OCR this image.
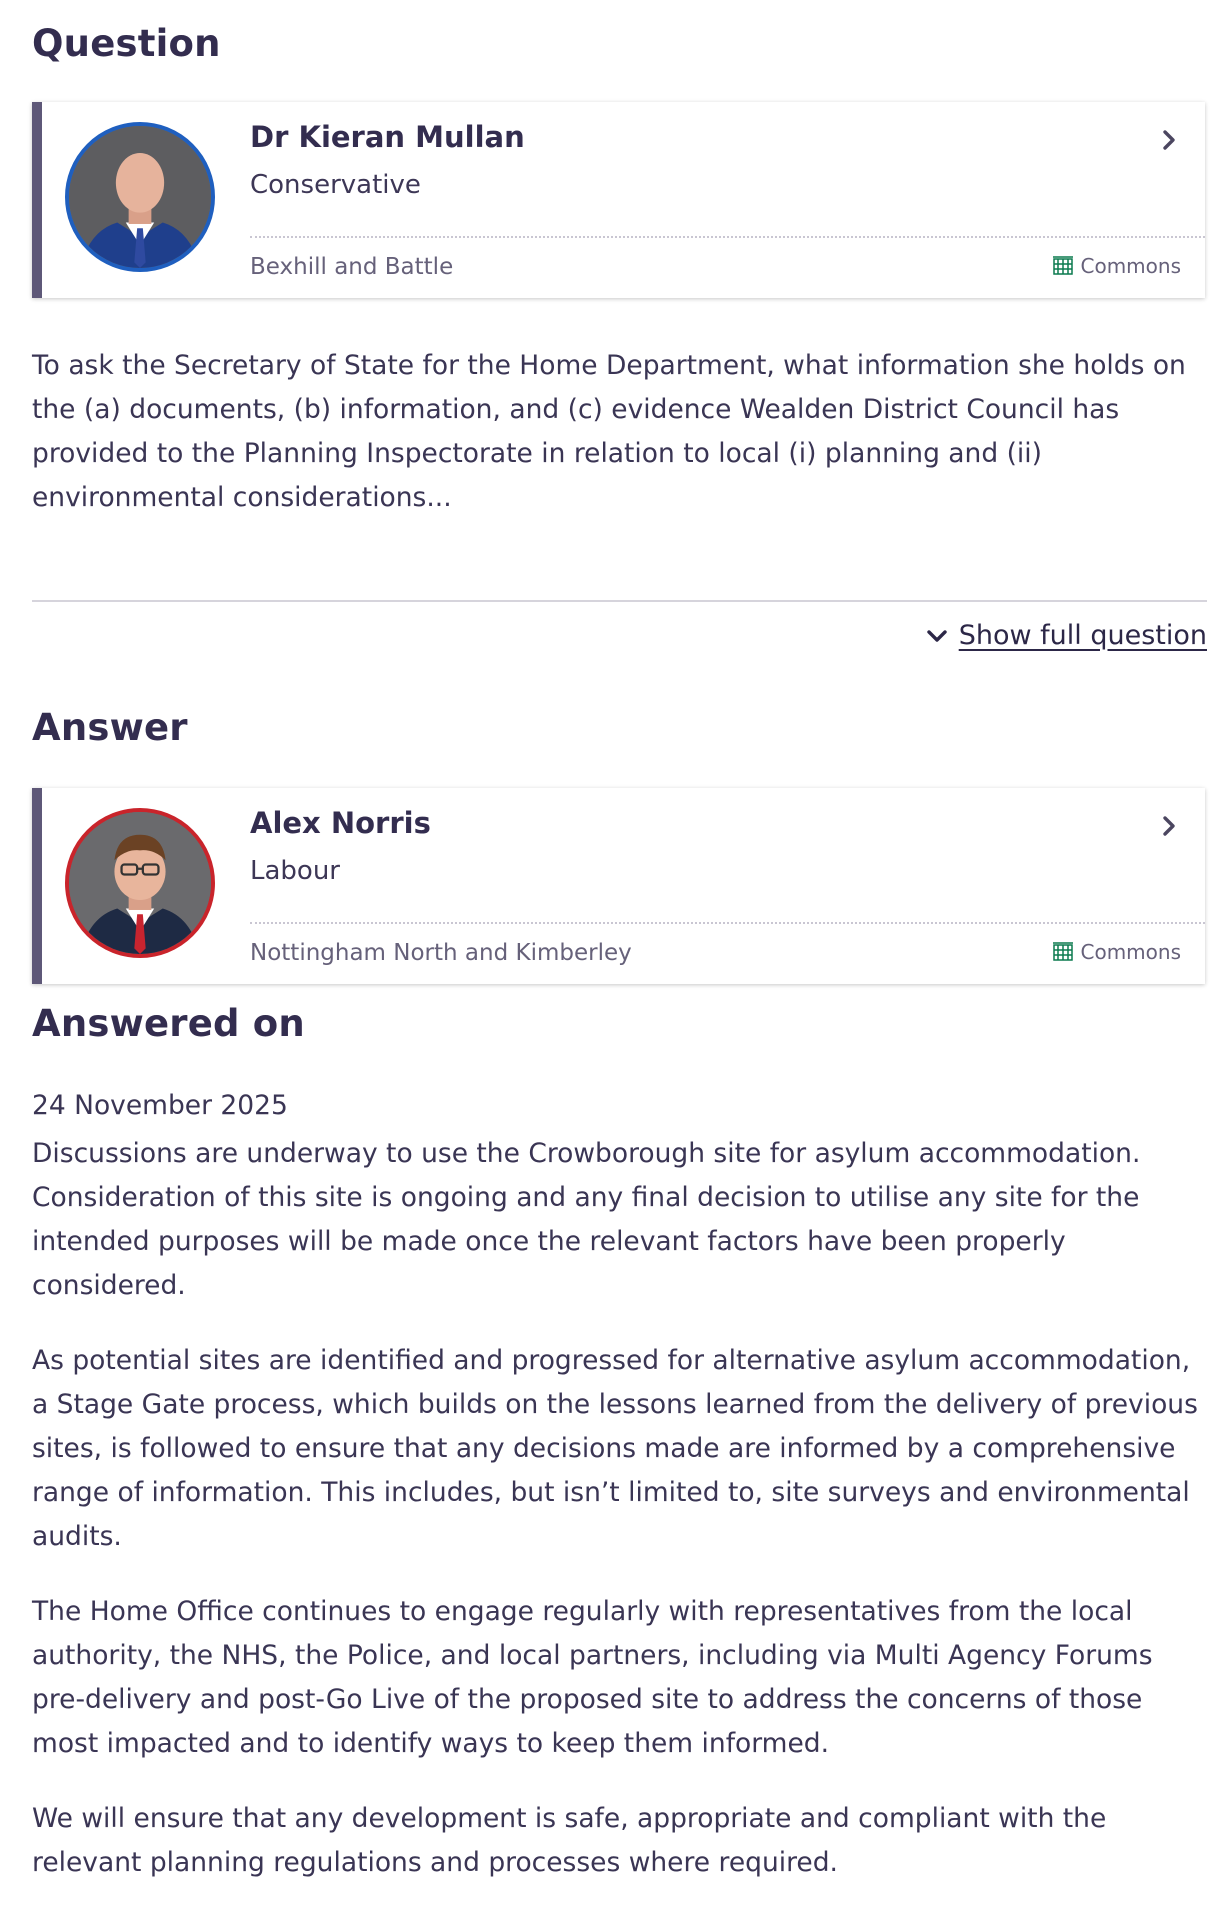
Question
Dr Kieran Mullan
Conservative
Bexhill and Battle	Commons

To ask the Secretary of State for the Home Department, what information she holds on the (a) documents, (b) information, and (c) evidence Wealden District Council has provided to the Planning Inspectorate in relation to local (i) planning and (ii) environmental considerations...

Show full question
Answer
Alex Norris
Labour
Nottingham North and Kimberley	Commons
Answered on
24 November 2025

Discussions are underway to use the Crowborough site for asylum accommodation. Consideration of this site is ongoing and any final decision to utilise any site for the intended purposes will be made once the relevant factors have been properly considered.

As potential sites are identified and progressed for alternative asylum accommodation, a Stage Gate process, which builds on the lessons learned from the delivery of previous sites, is followed to ensure that any decisions made are informed by a comprehensive range of information. This includes, but isn’t limited to, site surveys and environmental audits.

The Home Office continues to engage regularly with representatives from the local authority, the NHS, the Police, and local partners, including via Multi Agency Forums pre-delivery and post-Go Live of the proposed site to address the concerns of those most impacted and to identify ways to keep them informed.

We will ensure that any development is safe, appropriate and compliant with the relevant planning regulations and processes where required.
